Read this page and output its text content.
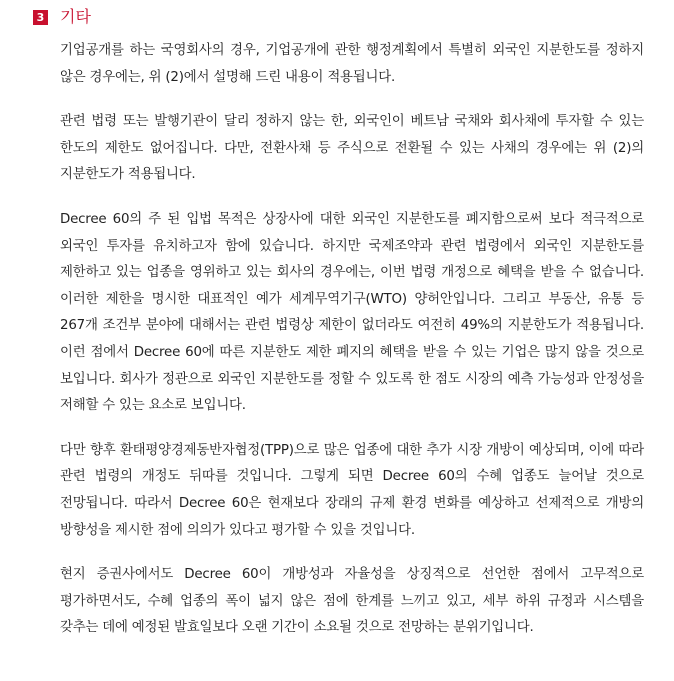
3 기타

기업공개를 하는 국영회사의 경우, 기업공개에 관한 행정계획에서 특별히 외국인 지분한도를 정하지 않은 경우에는, 위 (2)에서 설명해 드린 내용이 적용됩니다.

관련 법령 또는 발행기관이 달리 정하지 않는 한, 외국인이 베트남 국채와 회사채에 투자할 수 있는 한도의 제한도 없어집니다. 다만, 전환사채 등 주식으로 전환될 수 있는 사채의 경우에는 위 (2)의 지분한도가 적용됩니다.

Decree 60의 주 된 입법 목적은 상장사에 대한 외국인 지분한도를 폐지함으로써 보다 적극적으로 외국인 투자를 유치하고자 함에 있습니다. 하지만 국제조약과 관련 법령에서 외국인 지분한도를 제한하고 있는 업종을 영위하고 있는 회사의 경우에는, 이번 법령 개정으로 혜택을 받을 수 없습니다. 이러한 제한을 명시한 대표적인 예가 세계무역기구(WTO) 양허안입니다. 그리고 부동산, 유통 등 267개 조건부 분야에 대해서는 관련 법령상 제한이 없더라도 여전히 49%의 지분한도가 적용됩니다. 이런 점에서 Decree 60에 따른 지분한도 제한 폐지의 혜택을 받을 수 있는 기업은 많지 않을 것으로 보입니다. 회사가 정관으로 외국인 지분한도를 정할 수 있도록 한 점도 시장의 예측 가능성과 안정성을 저해할 수 있는 요소로 보입니다.

다만 향후 환태평양경제동반자협정(TPP)으로 많은 업종에 대한 추가 시장 개방이 예상되며, 이에 따라 관련 법령의 개정도 뒤따를 것입니다. 그렇게 되면 Decree 60의 수혜 업종도 늘어날 것으로 전망됩니다. 따라서 Decree 60은 현재보다 장래의 규제 환경 변화를 예상하고 선제적으로 개방의 방향성을 제시한 점에 의의가 있다고 평가할 수 있을 것입니다.

현지 증권사에서도 Decree 60이 개방성과 자율성을 상징적으로 선언한 점에서 고무적으로 평가하면서도, 수혜 업종의 폭이 넓지 않은 점에 한계를 느끼고 있고, 세부 하위 규정과 시스템을 갖추는 데에 예정된 발효일보다 오랜 기간이 소요될 것으로 전망하는 분위기입니다.
